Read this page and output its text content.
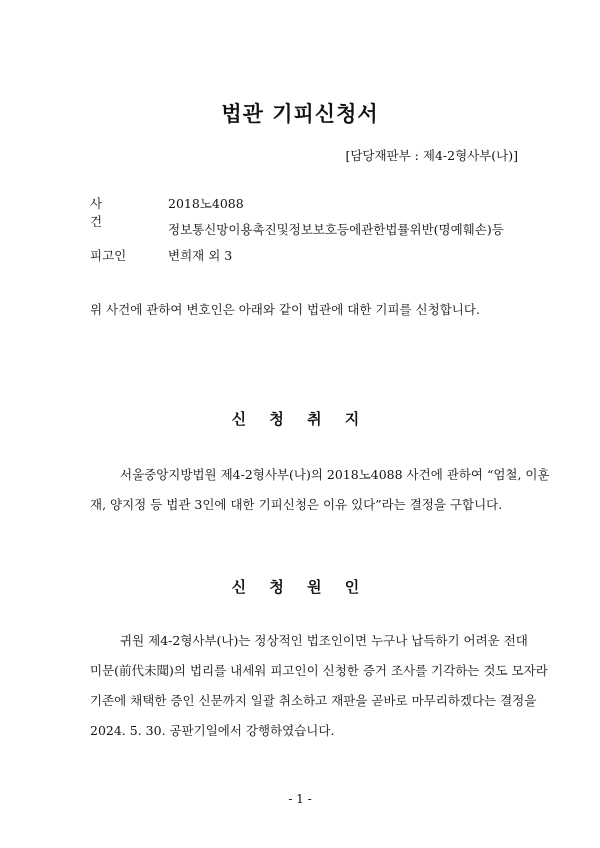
법관 기피신청서
[담당재판부 : 제4-2형사부(나)]
사 건
2018노4088
정보통신망이용촉진및정보보호등에관한법률위반(명예훼손)등
피고인	변희재 외 3
위 사건에 관하여 변호인은 아래와 같이 법관에 대한 기피를 신청합니다.
신 청 취 지
서울중앙지방법원 제4-2형사부(나)의 2018노4088 사건에 관하여 “엄철, 이훈
재, 양지정 등 법관 3인에 대한 기피신청은 이유 있다”라는 결정을 구합니다.
신 청 원 인
귀원 제4-2형사부(나)는 정상적인 법조인이면 누구나 납득하기 어려운 전대
미문(前代未聞)의 법리를 내세워 피고인이 신청한 증거 조사를 기각하는 것도 모자라
기존에 채택한 증인 신문까지 일괄 취소하고 재판을 곧바로 마무리하겠다는 결정을
2024. 5. 30. 공판기일에서 강행하였습니다.
- 1 -
